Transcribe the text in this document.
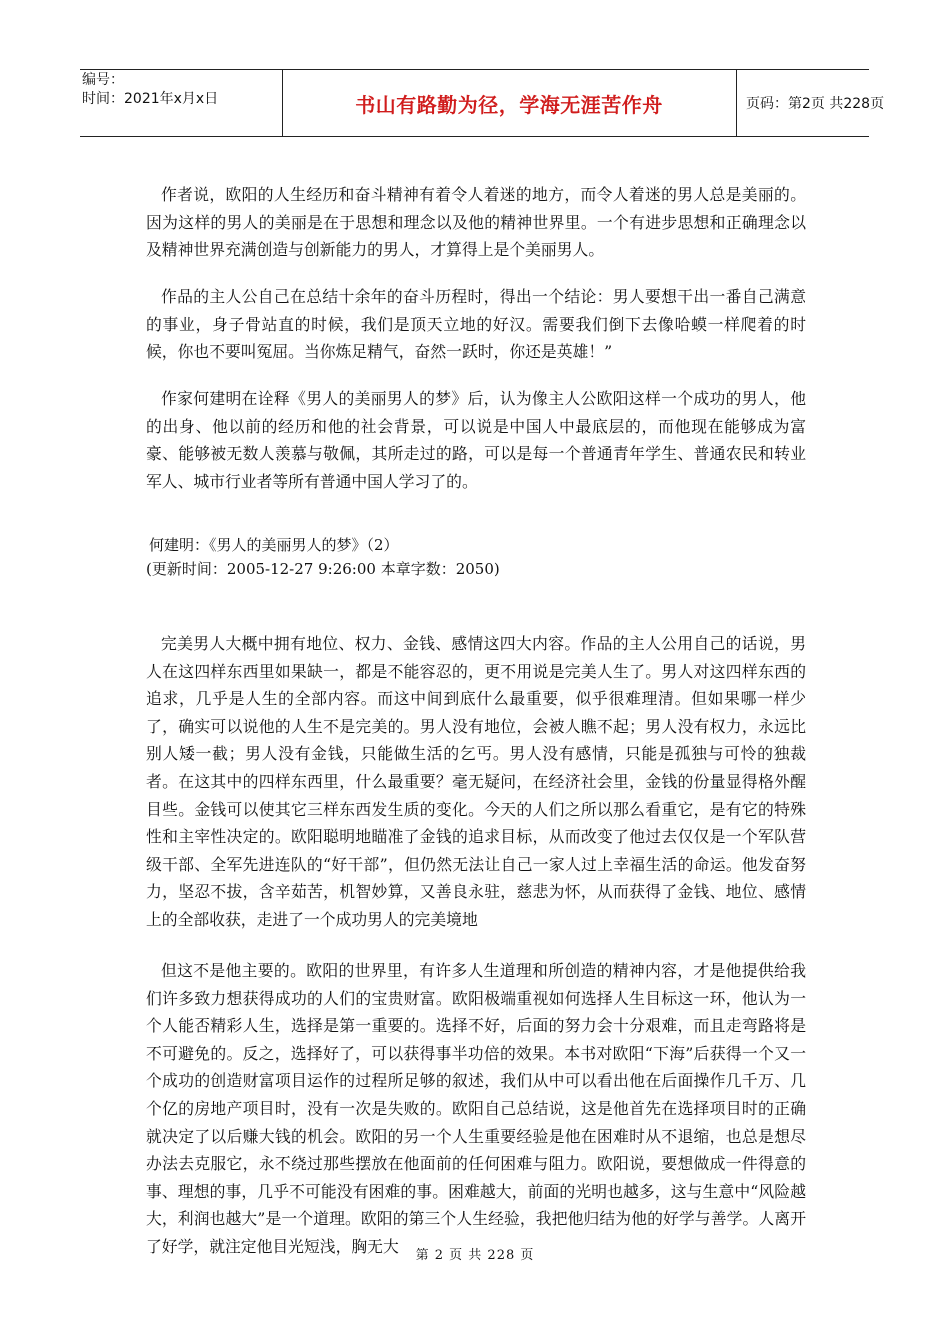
编号：
时间：2021年x月x日	书山有路勤为径，学海无涯苦作舟	页码：第2页 共228页

作者说，欧阳的人生经历和奋斗精神有着令人着迷的地方，而令人着迷的男人总是美丽的。因为这样的男人的美丽是在于思想和理念以及他的精神世界里。一个有进步思想和正确理念以及精神世界充满创造与创新能力的男人，才算得上是个美丽男人。

作品的主人公自己在总结十余年的奋斗历程时，得出一个结论：男人要想干出一番自己满意的事业，身子骨站直的时候，我们是顶天立地的好汉。需要我们倒下去像哈蟆一样爬着的时候，你也不要叫冤屈。当你炼足精气，奋然一跃时，你还是英雄！”

作家何建明在诠释《男人的美丽男人的梦》后，认为像主人公欧阳这样一个成功的男人，他的出身、他以前的经历和他的社会背景，可以说是中国人中最底层的，而他现在能够成为富豪、能够被无数人羡慕与敬佩，其所走过的路，可以是每一个普通青年学生、普通农民和转业军人、城市行业者等所有普通中国人学习了的。

何建明：《男人的美丽男人的梦》（2）
(更新时间：2005-12-27 9:26:00 本章字数：2050)

完美男人大概中拥有地位、权力、金钱、感情这四大内容。作品的主人公用自己的话说，男人在这四样东西里如果缺一，都是不能容忍的，更不用说是完美人生了。男人对这四样东西的追求，几乎是人生的全部内容。而这中间到底什么最重要，似乎很难理清。但如果哪一样少了，确实可以说他的人生不是完美的。男人没有地位，会被人瞧不起；男人没有权力，永远比别人矮一截；男人没有金钱，只能做生活的乞丐。男人没有感情，只能是孤独与可怜的独裁者。在这其中的四样东西里，什么最重要？毫无疑问，在经济社会里，金钱的份量显得格外醒目些。金钱可以使其它三样东西发生质的变化。今天的人们之所以那么看重它，是有它的特殊性和主宰性决定的。欧阳聪明地瞄准了金钱的追求目标，从而改变了他过去仅仅是一个军队营级干部、全军先进连队的“好干部”，但仍然无法让自己一家人过上幸福生活的命运。他发奋努力，坚忍不拔，含辛茹苦，机智妙算，又善良永驻，慈悲为怀，从而获得了金钱、地位、感情上的全部收获，走进了一个成功男人的完美境地

但这不是他主要的。欧阳的世界里，有许多人生道理和所创造的精神内容，才是他提供给我们许多致力想获得成功的人们的宝贵财富。欧阳极端重视如何选择人生目标这一环，他认为一个人能否精彩人生，选择是第一重要的。选择不好，后面的努力会十分艰难，而且走弯路将是不可避免的。反之，选择好了，可以获得事半功倍的效果。本书对欧阳“下海”后获得一个又一个成功的创造财富项目运作的过程所足够的叙述，我们从中可以看出他在后面操作几千万、几个亿的房地产项目时，没有一次是失败的。欧阳自己总结说，这是他首先在选择项目时的正确就决定了以后赚大钱的机会。欧阳的另一个人生重要经验是他在困难时从不退缩，也总是想尽办法去克服它，永不绕过那些摆放在他面前的任何困难与阻力。欧阳说，要想做成一件得意的事、理想的事，几乎不可能没有困难的事。困难越大，前面的光明也越多，这与生意中“风险越大，利润也越大”是一个道理。欧阳的第三个人生经验，我把他归结为他的好学与善学。人离开了好学，就注定他目光短浅，胸无大	第 2 页 共 228 页
